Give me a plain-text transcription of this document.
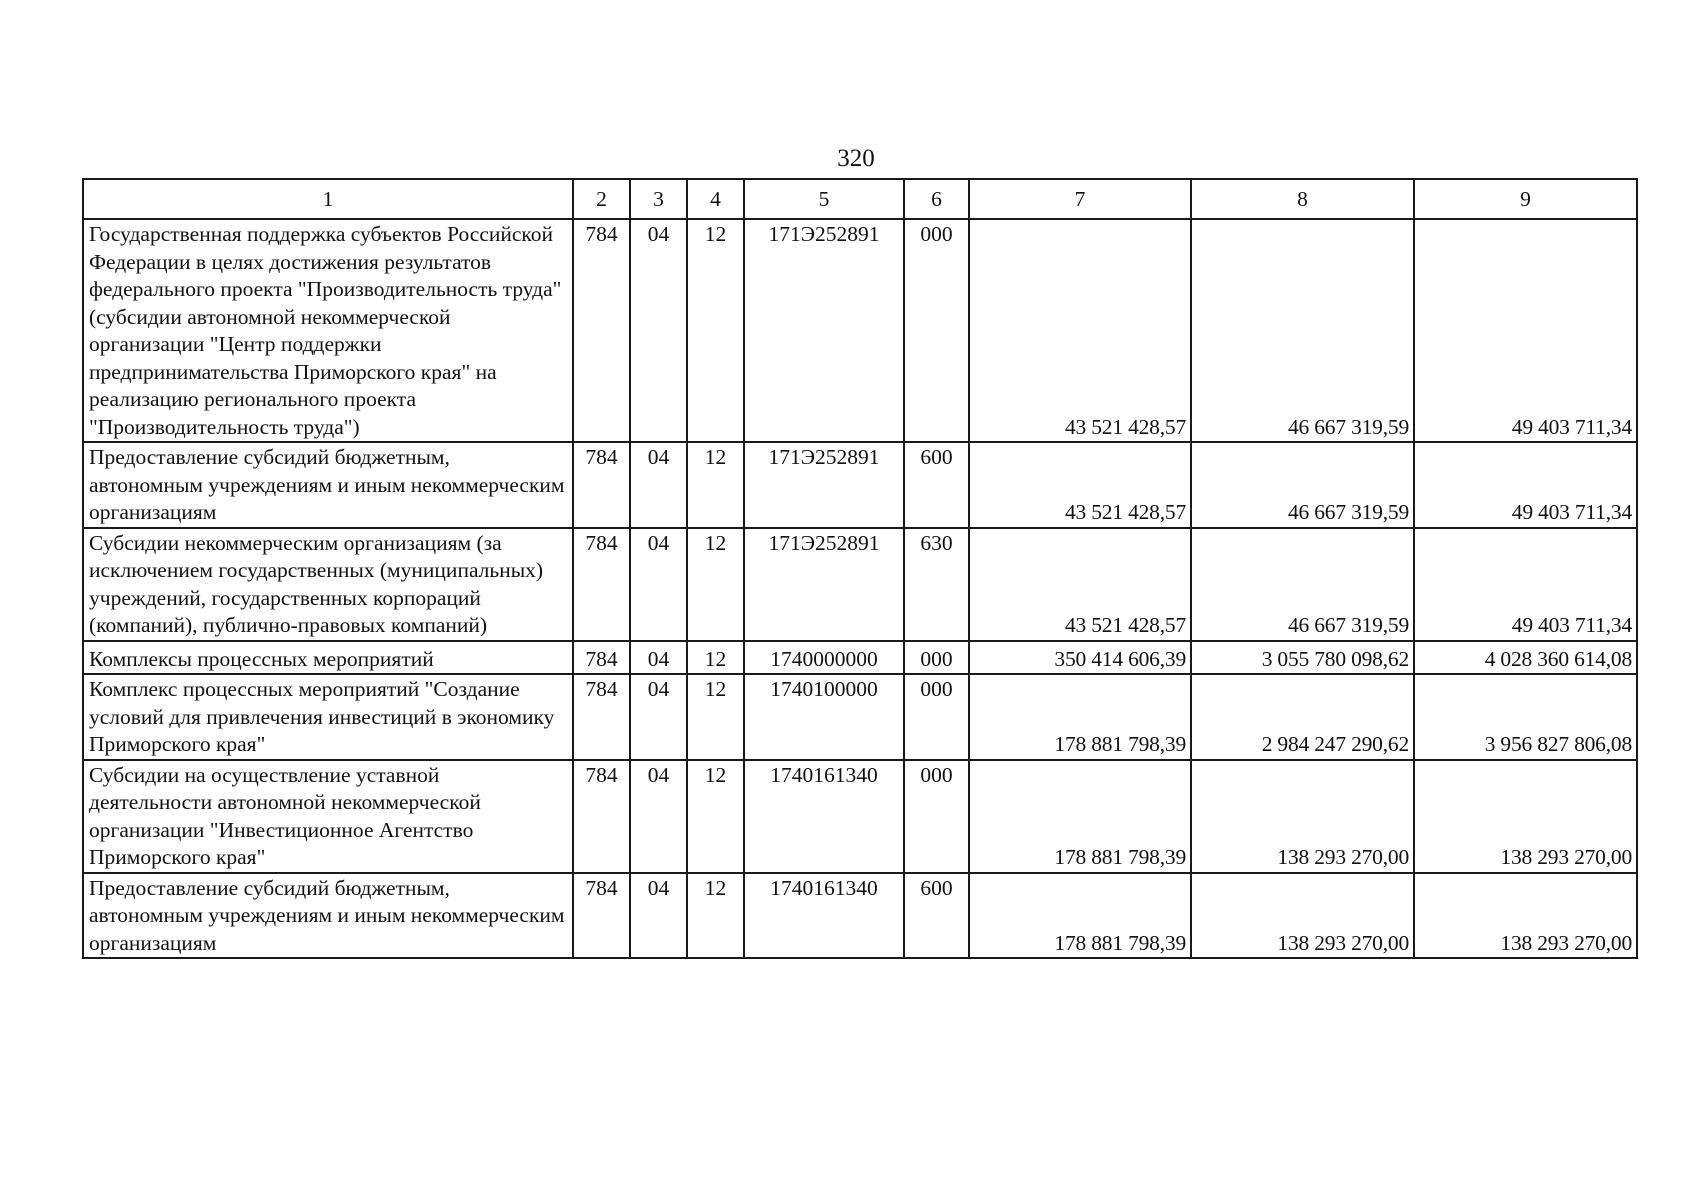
320
1	2	3	4	5	6	7	8	9
Государственная поддержка субъектов Российской Федерации в целях достижения результатов федерального проекта "Производительность труда" (субсидии автономной некоммерческой организации "Центр поддержки предпринимательства Приморского края" на реализацию регионального проекта "Производительность труда")	784	04	12	171Э252891	000	43 521 428,57	46 667 319,59	49 403 711,34
Предоставление субсидий бюджетным, автономным учреждениям и иным некоммерческим организациям	784	04	12	171Э252891	600	43 521 428,57	46 667 319,59	49 403 711,34
Субсидии некоммерческим организациям (за исключением государственных (муниципальных) учреждений, государственных корпораций (компаний), публично-правовых компаний)	784	04	12	171Э252891	630	43 521 428,57	46 667 319,59	49 403 711,34
Комплексы процессных мероприятий	784	04	12	1740000000	000	350 414 606,39	3 055 780 098,62	4 028 360 614,08
Комплекс процессных мероприятий "Создание условий для привлечения инвестиций в экономику Приморского края"	784	04	12	1740100000	000	178 881 798,39	2 984 247 290,62	3 956 827 806,08
Субсидии на осуществление уставной деятельности автономной некоммерческой организации "Инвестиционное Агентство Приморского края"	784	04	12	1740161340	000	178 881 798,39	138 293 270,00	138 293 270,00
Предоставление субсидий бюджетным, автономным учреждениям и иным некоммерческим организациям	784	04	12	1740161340	600	178 881 798,39	138 293 270,00	138 293 270,00
